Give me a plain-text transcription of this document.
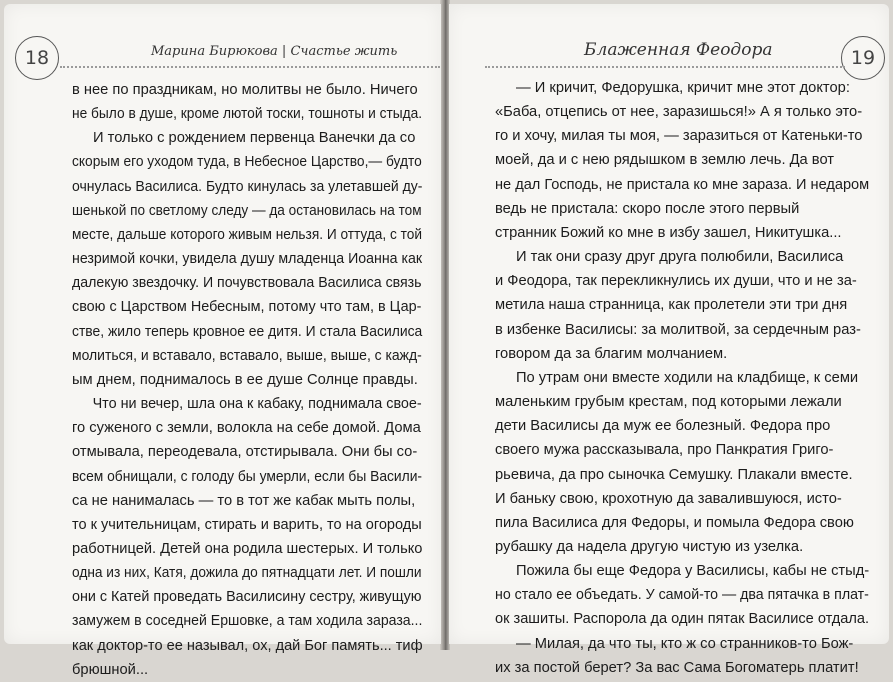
18	Марина Бирюкова | Счастье жить
в нее по праздникам, но молитвы не было. Ничего
не было в душе, кроме лютой тоски, тошноты и стыда.
И только с рождением первенца Ванечки да со
скорым его уходом туда, в Небесное Царство,— будто
очнулась Василиса. Будто кинулась за улетавшей ду-
шенькой по светлому следу — да остановилась на том
месте, дальше которого живым нельзя. И оттуда, с той
незримой кочки, увидела душу младенца Иоанна как
далекую звездочку. И почувствовала Василиса связь
свою с Царством Небесным, потому что там, в Цар-
стве, жило теперь кровное ее дитя. И стала Василиса
молиться, и вставало, вставало, выше, выше, с кажд-
ым днем, поднималось в ее душе Солнце правды.
Что ни вечер, шла она к кабаку, поднимала свое-
го суженого с земли, волокла на себе домой. Дома
отмывала, переодевала, отстирывала. Они бы со-
всем обнищали, с голоду бы умерли, если бы Васили-
са не нанималась — то в тот же кабак мыть полы,
то к учительницам, стирать и варить, то на огороды
работницей. Детей она родила шестерых. И только
одна из них, Катя, дожила до пятнадцати лет. И пошли
они с Катей проведать Василисину сестру, живущую
замужем в соседней Ершовке, а там ходила зараза...
как доктор-то ее называл, ох, дай Бог память... тиф
брюшной...
19
Блаженная Феодора
— И кричит, Федорушка, кричит мне этот доктор:
«Баба, отцепись от нее, заразишься!» А я только это-
го и хочу, милая ты моя, — заразиться от Катеньки-то
моей, да и с нею рядышком в землю лечь. Да вот
не дал Господь, не пристала ко мне зараза. И недаром
ведь не пристала: скоро после этого первый
странник Божий ко мне в избу зашел, Никитушка...
И так они сразу друг друга полюбили, Василиса
и Феодора, так перекликнулись их души, что и не за-
метила наша странница, как пролетели эти три дня
в избенке Василисы: за молитвой, за сердечным раз-
говором да за благим молчанием.
По утрам они вместе ходили на кладбище, к семи
маленьким грубым крестам, под которыми лежали
дети Василисы да муж ее болезный. Федора про
своего мужа рассказывала, про Панкратия Григо-
рьевича, да про сыночка Семушку. Плакали вместе.
И баньку свою, крохотную да завалившуюся, исто-
пила Василиса для Федоры, и помыла Федора свою
рубашку да надела другую чистую из узелка.
Пожила бы еще Федора у Василисы, кабы не стыд-
но стало ее объедать. У самой-то — два пятачка в плат-
ок зашиты. Распорола да один пятак Василисе отдала.
— Милая, да что ты, кто ж со странников-то Бож-
их за постой берет? За вас Сама Богоматерь платит!
